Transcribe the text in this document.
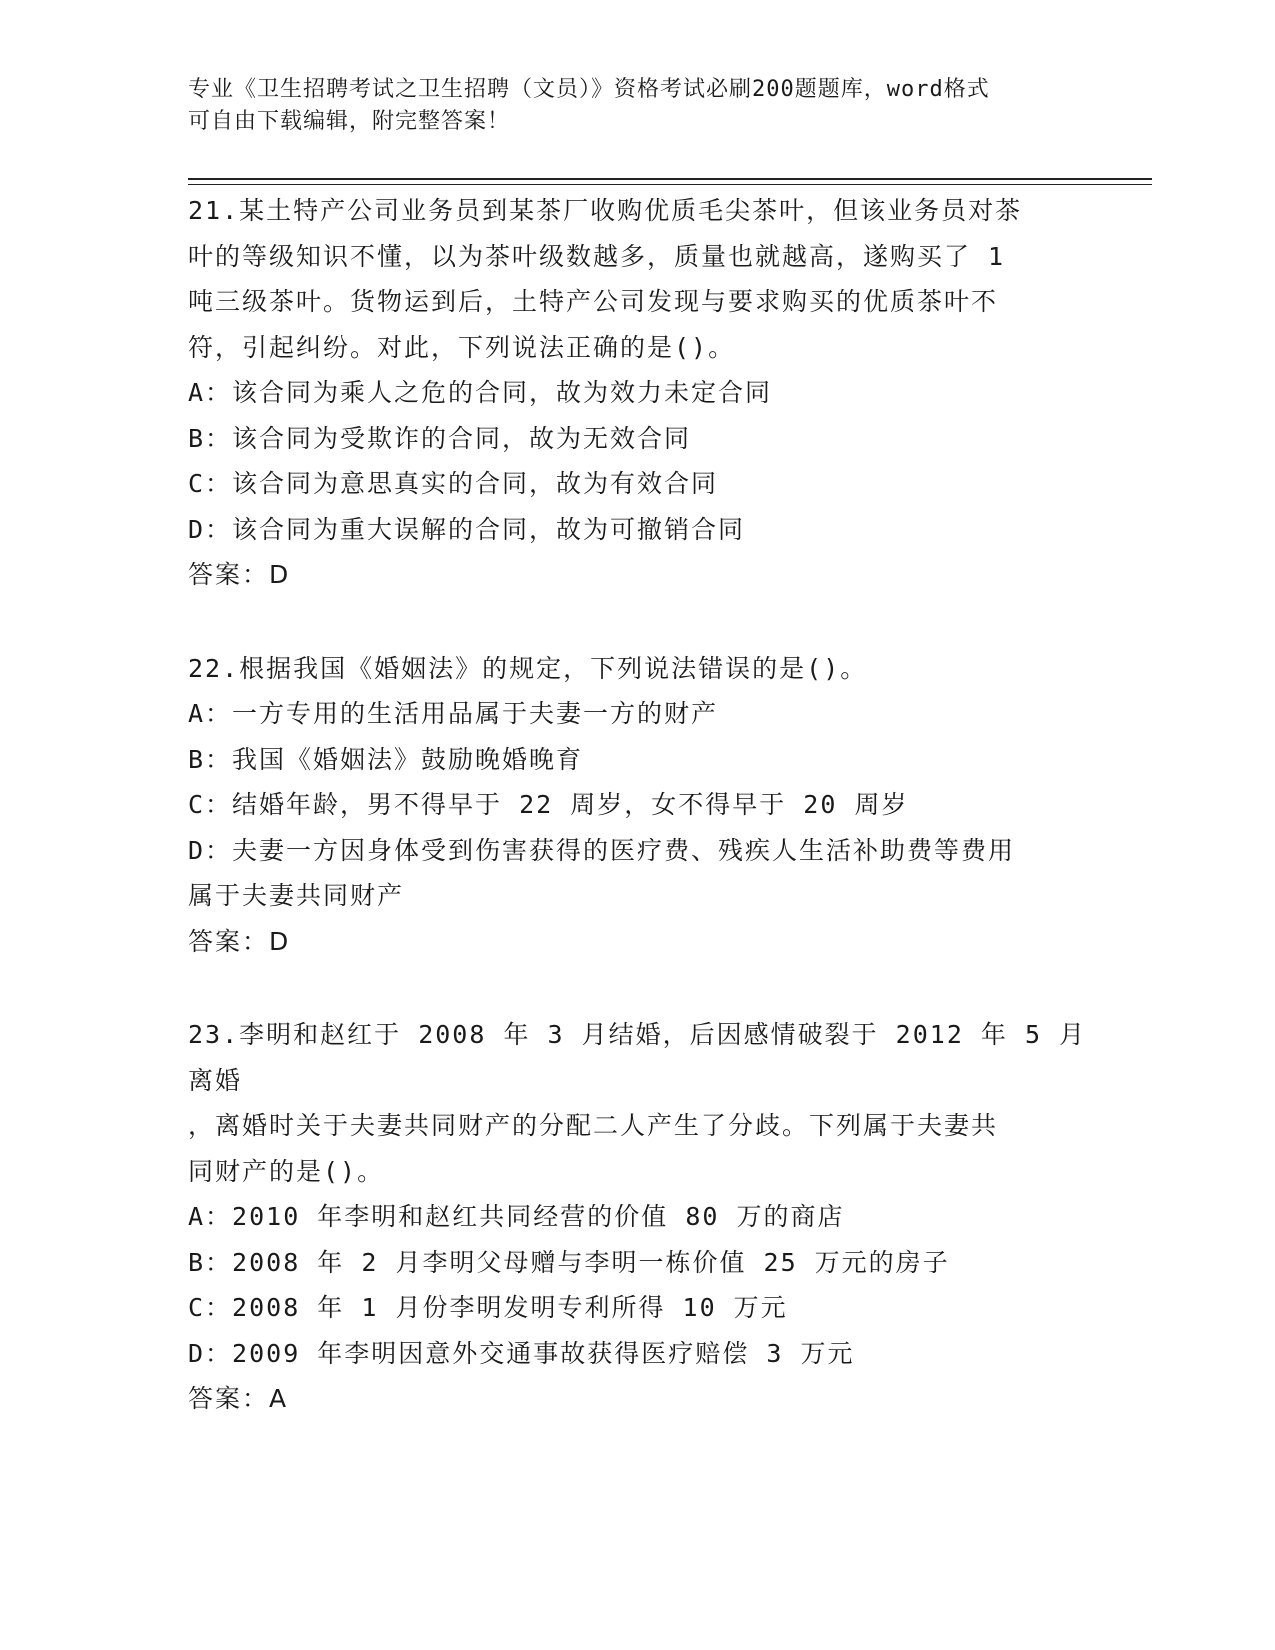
专业《卫生招聘考试之卫生招聘（文员）》资格考试必刷200题题库，word格式
可自由下载编辑，附完整答案！

21.某土特产公司业务员到某茶厂收购优质毛尖茶叶，但该业务员对茶

叶的等级知识不懂，以为茶叶级数越多，质量也就越高，遂购买了 1

吨三级茶叶。货物运到后，土特产公司发现与要求购买的优质茶叶不

符，引起纠纷。对此，下列说法正确的是()。

A：该合同为乘人之危的合同，故为效力未定合同

B：该合同为受欺诈的合同，故为无效合同

C：该合同为意思真实的合同，故为有效合同

D：该合同为重大误解的合同，故为可撤销合同

答案：D

22.根据我国《婚姻法》的规定，下列说法错误的是()。

A：一方专用的生活用品属于夫妻一方的财产

B：我国《婚姻法》鼓励晚婚晚育

C：结婚年龄，男不得早于 22 周岁，女不得早于 20 周岁

D：夫妻一方因身体受到伤害获得的医疗费、残疾人生活补助费等费用

属于夫妻共同财产

答案：D

23.李明和赵红于 2008 年 3 月结婚，后因感情破裂于 2012 年 5 月离婚

，离婚时关于夫妻共同财产的分配二人产生了分歧。下列属于夫妻共

同财产的是()。

A：2010 年李明和赵红共同经营的价值 80 万的商店

B：2008 年 2 月李明父母赠与李明一栋价值 25 万元的房子

C：2008 年 1 月份李明发明专利所得 10 万元

D：2009 年李明因意外交通事故获得医疗赔偿 3 万元

答案：A
